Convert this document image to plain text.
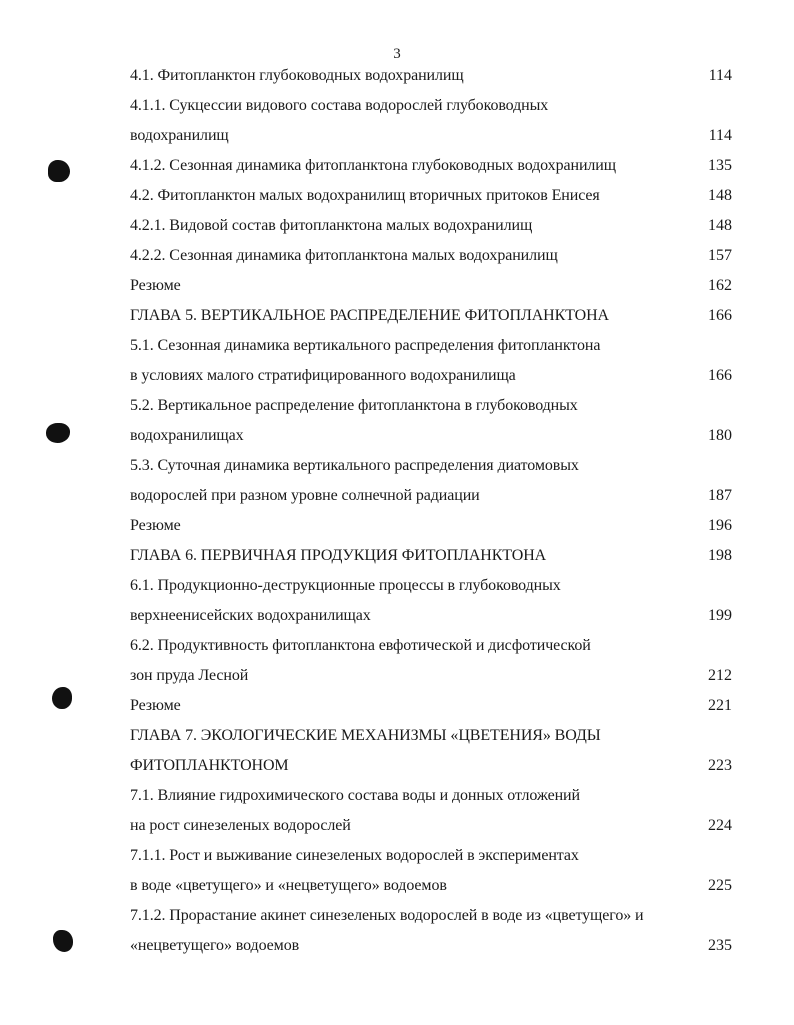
3
4.1. Фитопланктон глубоководных водохранилищ	114
4.1.1. Сукцессии видового состава водорослей глубоководных
водохранилищ	114
4.1.2. Сезонная динамика фитопланктона глубоководных водохранилищ	135
4.2. Фитопланктон малых водохранилищ вторичных притоков Енисея	148
4.2.1. Видовой состав фитопланктона малых водохранилищ	148
4.2.2. Сезонная динамика фитопланктона малых водохранилищ	157
Резюме	162
ГЛАВА 5. ВЕРТИКАЛЬНОЕ РАСПРЕДЕЛЕНИЕ ФИТОПЛАНКТОНА	166
5.1. Сезонная динамика вертикального распределения фитопланктона
в условиях малого стратифицированного водохранилища	166
5.2. Вертикальное распределение фитопланктона в глубоководных
водохранилищах	180
5.3. Суточная динамика вертикального распределения диатомовых
водорослей при разном уровне солнечной радиации	187
Резюме	196
ГЛАВА 6. ПЕРВИЧНАЯ ПРОДУКЦИЯ ФИТОПЛАНКТОНА	198
6.1. Продукционно-деструкционные процессы в глубоководных
верхнеенисейских водохранилищах	199
6.2. Продуктивность фитопланктона евфотической и дисфотической
зон пруда Лесной	212
Резюме	221
ГЛАВА 7. ЭКОЛОГИЧЕСКИЕ МЕХАНИЗМЫ «ЦВЕТЕНИЯ» ВОДЫ
ФИТОПЛАНКТОНОМ	223
7.1. Влияние гидрохимического состава воды и донных отложений
на рост синезеленых водорослей	224
7.1.1. Рост и выживание синезеленых водорослей в экспериментах
в воде «цветущего» и «нецветущего» водоемов	225
7.1.2. Прорастание акинет синезеленых водорослей в воде из «цветущего» и
«нецветущего» водоемов	235
